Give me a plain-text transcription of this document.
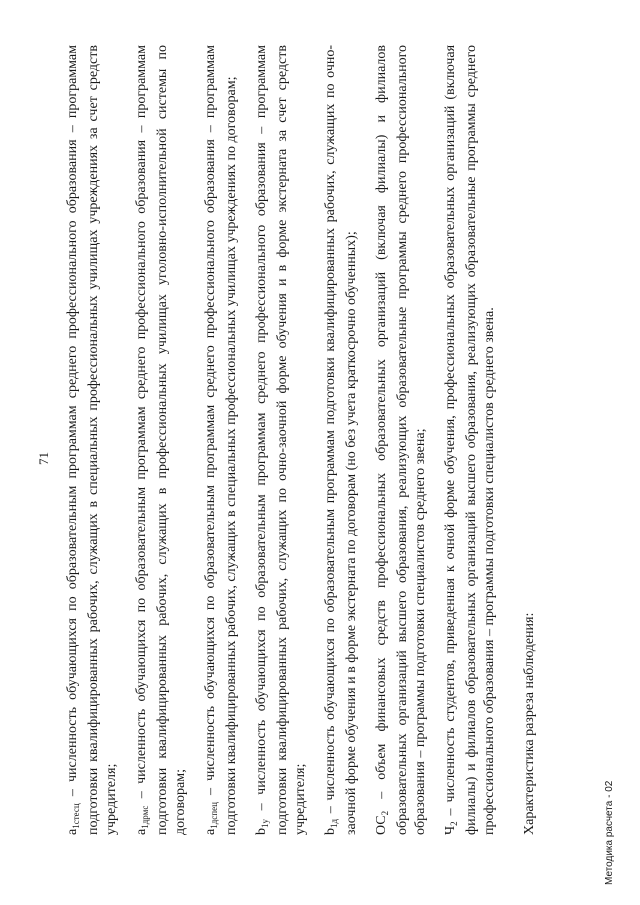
71

$a_{1стесц}$ – численность обучающихся по образовательным программам среднего профессионального образования – программам подготовки квалифицированных рабочих, служащих в специальных профессиональных училищах учреждениях за счет средств учредителя; $a_{1дрмс}$ – численность обучающихся по образовательным программам среднего профессионального образования – программам подготовки квалифицированных рабочих, служащих в профессиональных училищах уголовно-исполнительной системы по договорам; $a_{1дспец}$ – численность обучающихся по образовательным программам среднего профессионального образования – программам подготовки квалифицированных рабочих, служащих в специальных профессиональных училищах учреждениях по договорам; $b_{1у}$ – численность обучающихся по образовательным программам среднего профессионального образования – программам подготовки квалифицированных рабочих, служащих по очно-заочной форме обучения и в форме экстерната за счет средств учредителя; $b_{1д}$ – численность обучающихся по образовательным программам подготовки квалифицированных рабочих, служащих по очно-заочной форме обучения и в форме экстерната по договорам (но без учета краткосрочно обученных); $ОС_2$ – объем финансовых средств профессиональных образовательных организаций (включая филиалы) и филиалов образовательных организаций высшего образования, реализующих образовательные программы среднего профессионального образования – программы подготовки специалистов среднего звена; $Ч_2$ – численность студентов, приведенная к очной форме обучения, профессиональных образовательных организаций (включая филиалы) и филиалов образовательных организаций высшего образования, реализующих образовательные программы среднего профессионального образования – программы подготовки специалистов среднего звена. Характеристика разреза наблюдения:	Методика расчета - 02
